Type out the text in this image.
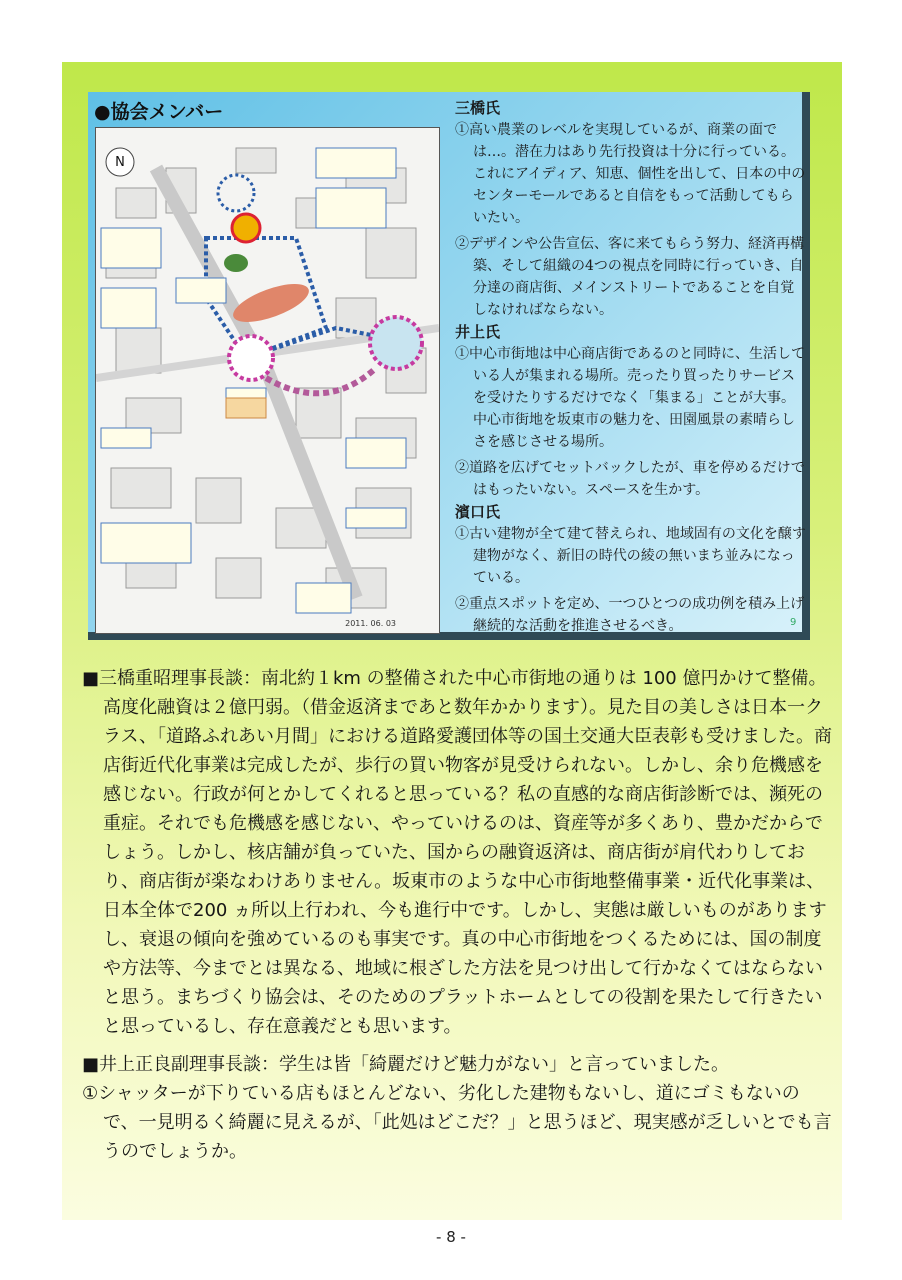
●協会メンバー
N
2011. 06. 03
三橋氏

①高い農業のレベルを実現しているが、商業の面では…。潜在力はあり先行投資は十分に行っている。これにアイディア、知恵、個性を出して、日本の中のセンターモールであると自信をもって活動してもらいたい。

②デザインや公告宣伝、客に来てもらう努力、経済再構築、そして組織の4つの視点を同時に行っていき、自分達の商店街、メインストリートであることを自覚しなければならない。

井上氏

①中心市街地は中心商店街であるのと同時に、生活している人が集まれる場所。売ったり買ったりサービスを受けたりするだけでなく「集まる」ことが大事。中心市街地を坂東市の魅力を、田園風景の素晴らしさを感じさせる場所。

②道路を広げてセットバックしたが、車を停めるだけではもったいない。スペースを生かす。

濱口氏

①古い建物が全て建て替えられ、地域固有の文化を醸す建物がなく、新旧の時代の綾の無いまち並みになっている。

②重点スポットを定め、一つひとつの成功例を積み上げ継続的な活動を推進させるべき。	9

■三橋重昭理事長談：南北約１km の整備された中心市街地の通りは 100 億円かけて整備。高度化融資は２億円弱。（借金返済まであと数年かかります）。見た目の美しさは日本一クラス、「道路ふれあい月間」における道路愛護団体等の国土交通大臣表彰も受けました。商店街近代化事業は完成したが、歩行の買い物客が見受けられない。しかし、余り危機感を感じない。行政が何とかしてくれると思っている？私の直感的な商店街診断では、瀕死の重症。それでも危機感を感じない、やっていけるのは、資産等が多くあり、豊かだからでしょう。しかし、核店舗が負っていた、国からの融資返済は、商店街が肩代わりしており、商店街が楽なわけありません。坂東市のような中心市街地整備事業・近代化事業は、日本全体で200 ヵ所以上行われ、今も進行中です。しかし、実態は厳しいものがありますし、衰退の傾向を強めているのも事実です。真の中心市街地をつくるためには、国の制度や方法等、今までとは異なる、地域に根ざした方法を見つけ出して行かなくてはならないと思う。まちづくり協会は、そのためのプラットホームとしての役割を果たして行きたいと思っているし、存在意義だとも思います。

■井上正良副理事長談：学生は皆「綺麗だけど魅力がない」と言っていました。

①シャッターが下りている店もほとんどない、劣化した建物もないし、道にゴミもないので、一見明るく綺麗に見えるが、「此処はどこだ？」と思うほど、現実感が乏しいとでも言うのでしょうか。

- 8 -
